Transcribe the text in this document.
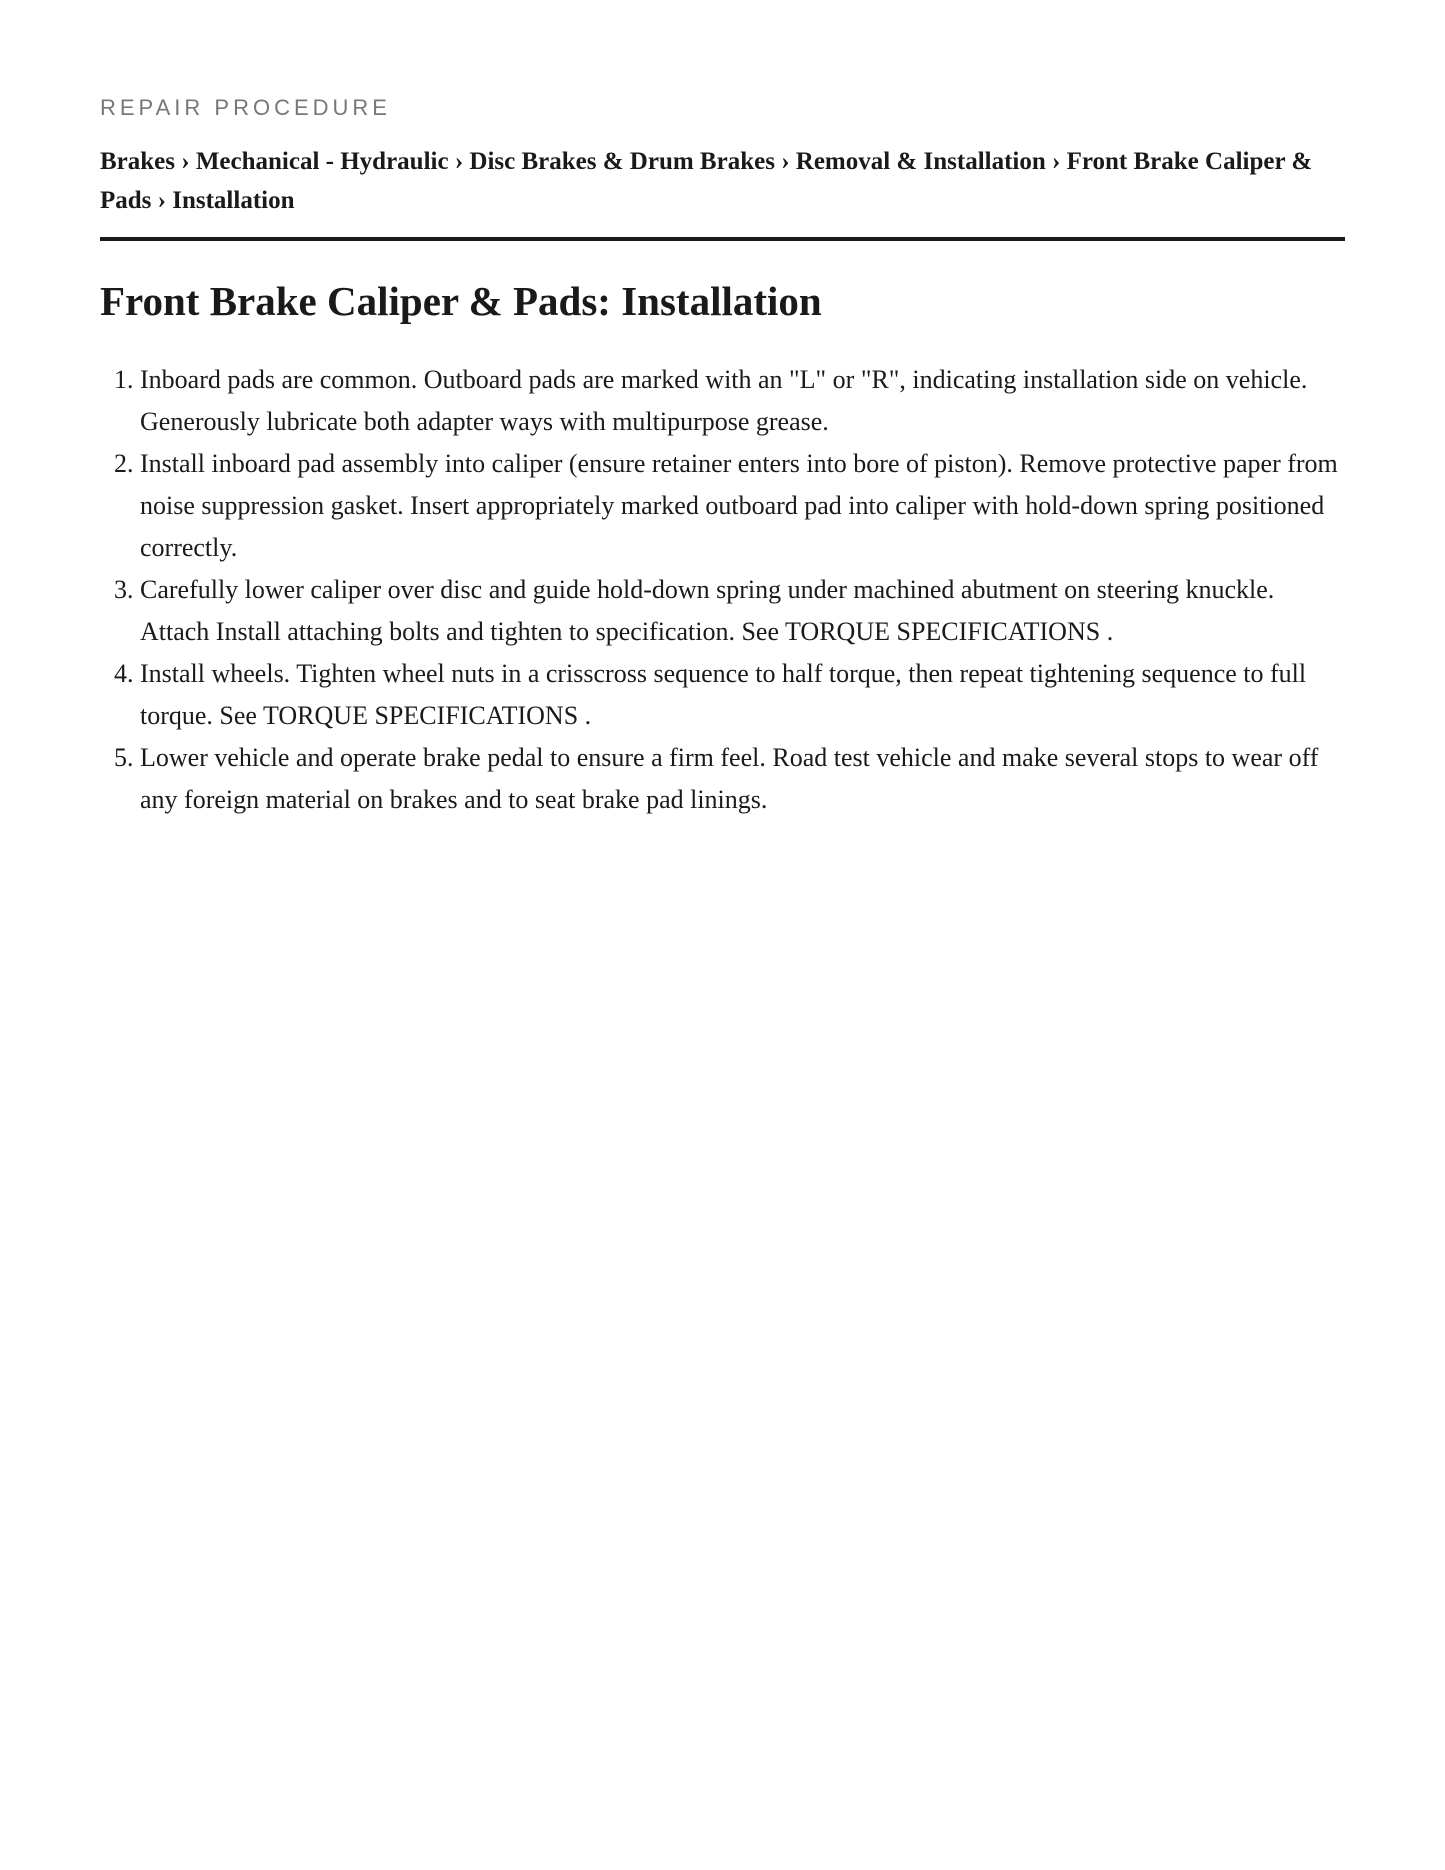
REPAIR PROCEDURE
Brakes › Mechanical - Hydraulic › Disc Brakes & Drum Brakes › Removal & Installation › Front Brake Caliper & Pads › Installation
Front Brake Caliper & Pads: Installation
1. Inboard pads are common. Outboard pads are marked with an "L" or "R", indicating installation side on vehicle. Generously lubricate both adapter ways with multipurpose grease.
2. Install inboard pad assembly into caliper (ensure retainer enters into bore of piston). Remove protective paper from noise suppression gasket. Insert appropriately marked outboard pad into caliper with hold-down spring positioned correctly.
3. Carefully lower caliper over disc and guide hold-down spring under machined abutment on steering knuckle. Attach Install attaching bolts and tighten to specification. See TORQUE SPECIFICATIONS .
4. Install wheels. Tighten wheel nuts in a crisscross sequence to half torque, then repeat tightening sequence to full torque. See TORQUE SPECIFICATIONS .
5. Lower vehicle and operate brake pedal to ensure a firm feel. Road test vehicle and make several stops to wear off any foreign material on brakes and to seat brake pad linings.
